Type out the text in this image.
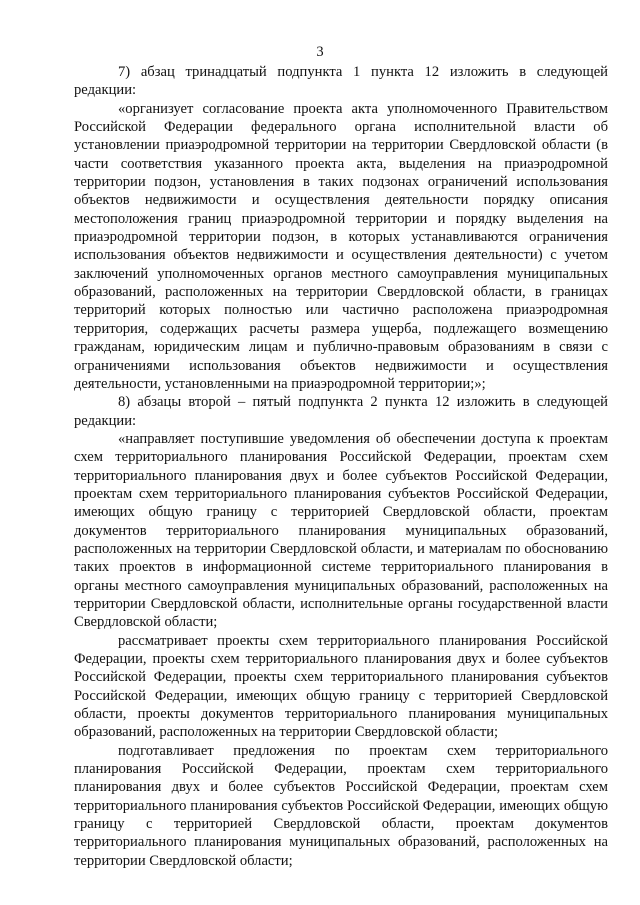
3

7) абзац тринадцатый подпункта 1 пункта 12 изложить в следующей редакции:

«организует согласование проекта акта уполномоченного Правительством Российской Федерации федерального органа исполнительной власти об установлении приаэродромной территории на территории Свердловской области (в части соответствия указанного проекта акта, выделения на приаэродромной территории подзон, установления в таких подзонах ограничений использования объектов недвижимости и осуществления деятельности порядку описания местоположения границ приаэродромной территории и порядку выделения на приаэродромной территории подзон, в которых устанавливаются ограничения использования объектов недвижимости и осуществления деятельности) с учетом заключений уполномоченных органов местного самоуправления муниципальных образований, расположенных на территории Свердловской области, в границах территорий которых полностью или частично расположена приаэродромная территория, содержащих расчеты размера ущерба, подлежащего возмещению гражданам, юридическим лицам и публично-правовым образованиям в связи с ограничениями использования объектов недвижимости и осуществления деятельности, установленными на приаэродромной территории;»;

8) абзацы второй – пятый подпункта 2 пункта 12 изложить в следующей редакции:

«направляет поступившие уведомления об обеспечении доступа к проектам схем территориального планирования Российской Федерации, проектам схем территориального планирования двух и более субъектов Российской Федерации, проектам схем территориального планирования субъектов Российской Федерации, имеющих общую границу с территорией Свердловской области, проектам документов территориального планирования муниципальных образований, расположенных на территории Свердловской области, и материалам по обоснованию таких проектов в информационной системе территориального планирования в органы местного самоуправления муниципальных образований, расположенных на территории Свердловской области, исполнительные органы государственной власти Свердловской области;

рассматривает проекты схем территориального планирования Российской Федерации, проекты схем территориального планирования двух и более субъектов Российской Федерации, проекты схем территориального планирования субъектов Российской Федерации, имеющих общую границу с территорией Свердловской области, проекты документов территориального планирования муниципальных образований, расположенных на территории Свердловской области;

подготавливает предложения по проектам схем территориального планирования Российской Федерации, проектам схем территориального планирования двух и более субъектов Российской Федерации, проектам схем территориального планирования субъектов Российской Федерации, имеющих общую границу с территорией Свердловской области, проектам документов территориального планирования муниципальных образований, расположенных на территории Свердловской области;
